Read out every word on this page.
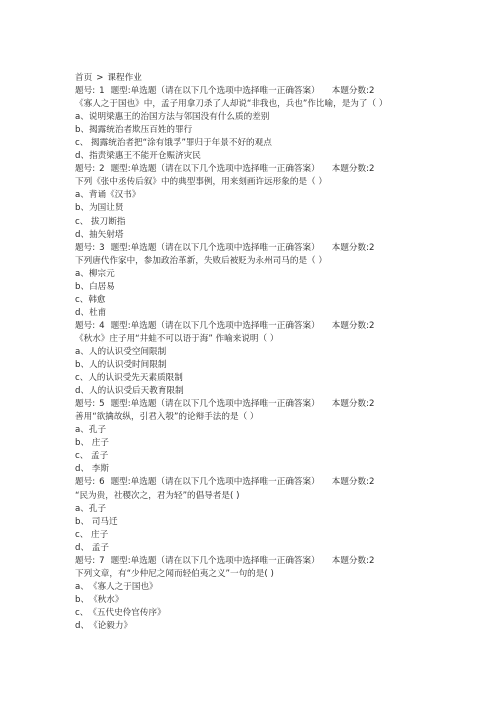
首页 > 课程作业
题号: 1 题型:单选题（请在以下几个选项中选择唯一正确答案） 本题分数:2
《寡人之于国也》中，孟子用拿刀杀了人却说“非我也，兵也”作比喻，是为了（ ）
a、说明梁惠王的治国方法与邻国没有什么质的差别
b、揭露统治者欺压百姓的罪行
c、 揭露统治者把“涂有饿孚”罪归于年景不好的观点
d、指责梁惠王不能开仓赈济灾民
题号: 2 题型:单选题（请在以下几个选项中选择唯一正确答案） 本题分数:2
下列《张中丞传后叙》中的典型事例，用来刻画许远形象的是（ ）
a、背诵《汉书》
b、为国让贤
c、 拔刀断指
d、抽矢射塔
题号: 3 题型:单选题（请在以下几个选项中选择唯一正确答案） 本题分数:2
下列唐代作家中，参加政治革新，失败后被贬为永州司马的是（ ）
a、柳宗元
b、白居易
c、韩愈
d、杜甫
题号: 4 题型:单选题（请在以下几个选项中选择唯一正确答案） 本题分数:2
《秋水》庄子用“井蛙不可以语于海” 作喻来说明（ ）
a、人的认识受空间限制
b、人的认识受时间限制
c、人的认识受先天素质限制
d、人的认识受后天教育限制
题号: 5 题型:单选题（请在以下几个选项中选择唯一正确答案） 本题分数:2
善用“欲擒故纵，引君入彀”的论辩手法的是（ ）
a、孔子
b、 庄子
c、 孟子
d、 李斯
题号: 6 题型:单选题（请在以下几个选项中选择唯一正确答案） 本题分数:2
“民为贵，社稷次之，君为轻”的倡导者是( )
a、孔子
b、 司马迁
c、 庄子
d、 孟子
题号: 7 题型:单选题（请在以下几个选项中选择唯一正确答案） 本题分数:2
下列文章，有“少仲尼之闻而轻伯夷之义”一句的是( )
a、《寡人之于国也》
b、《秋水》
c、《五代史伶官传序》
d、《论毅力》
